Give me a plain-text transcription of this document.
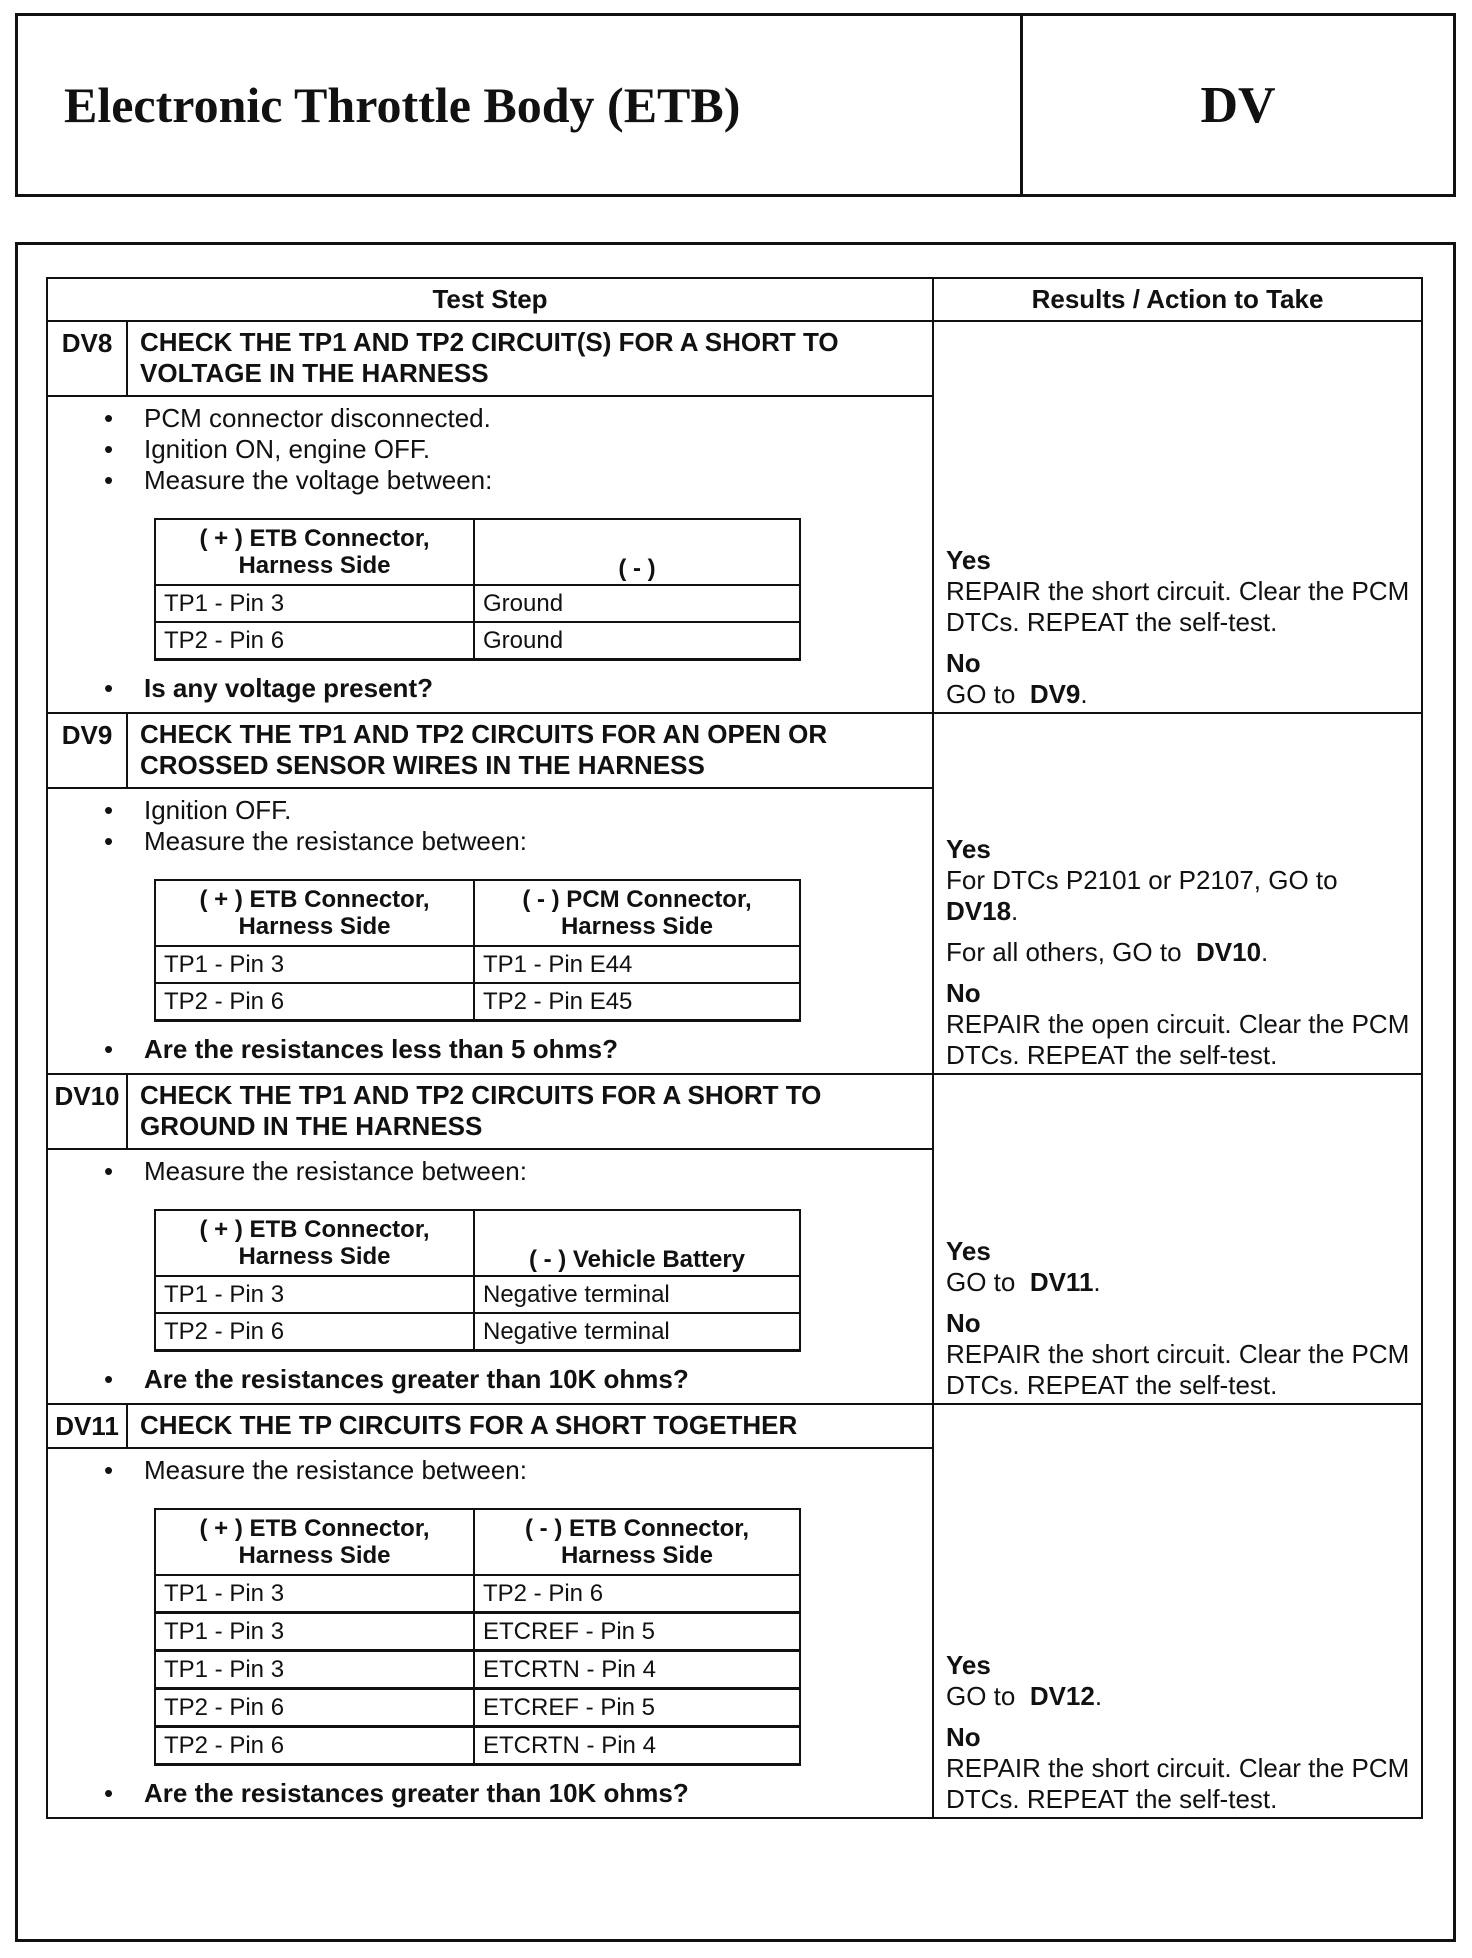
Electronic Throttle Body (ETB)	DV
Test Step	Results / Action to Take
DV8	CHECK THE TP1 AND TP2 CIRCUIT(S) FOR A SHORT TO VOLTAGE IN THE HARNESS	

Yes

REPAIR the short circuit. Clear the PCM DTCs. REPEAT the self-test.

No

GO to DV9.

• PCM connector disconnected.
• Ignition ON, engine OFF.
• Measure the voltage between:
( + ) ETB Connector, Harness Side	( - )
TP1 - Pin 3	Ground
TP2 - Pin 6	Ground
• Is any voltage present?

DV9	CHECK THE TP1 AND TP2 CIRCUITS FOR AN OPEN OR CROSSED SENSOR WIRES IN THE HARNESS	

Yes

For DTCs P2101 or P2107, GO to DV18.

For all others, GO to DV10.

No

REPAIR the open circuit. Clear the PCM DTCs. REPEAT the self-test.

• Ignition OFF.
• Measure the resistance between:
( + ) ETB Connector, Harness Side	( - ) PCM Connector, Harness Side
TP1 - Pin 3	TP1 - Pin E44
TP2 - Pin 6	TP2 - Pin E45
• Are the resistances less than 5 ohms?

DV10	CHECK THE TP1 AND TP2 CIRCUITS FOR A SHORT TO GROUND IN THE HARNESS	

Yes

GO to DV11.

No

REPAIR the short circuit. Clear the PCM DTCs. REPEAT the self-test.

• Measure the resistance between:
( + ) ETB Connector, Harness Side	( - ) Vehicle Battery
TP1 - Pin 3	Negative terminal
TP2 - Pin 6	Negative terminal
• Are the resistances greater than 10K ohms?

DV11	CHECK THE TP CIRCUITS FOR A SHORT TOGETHER	

Yes

GO to DV12.

No

REPAIR the short circuit. Clear the PCM DTCs. REPEAT the self-test.

• Measure the resistance between:
( + ) ETB Connector, Harness Side	( - ) ETB Connector, Harness Side
TP1 - Pin 3	TP2 - Pin 6
TP1 - Pin 3	ETCREF - Pin 5
TP1 - Pin 3	ETCRTN - Pin 4
TP2 - Pin 6	ETCREF - Pin 5
TP2 - Pin 6	ETCRTN - Pin 4
• Are the resistances greater than 10K ohms?
